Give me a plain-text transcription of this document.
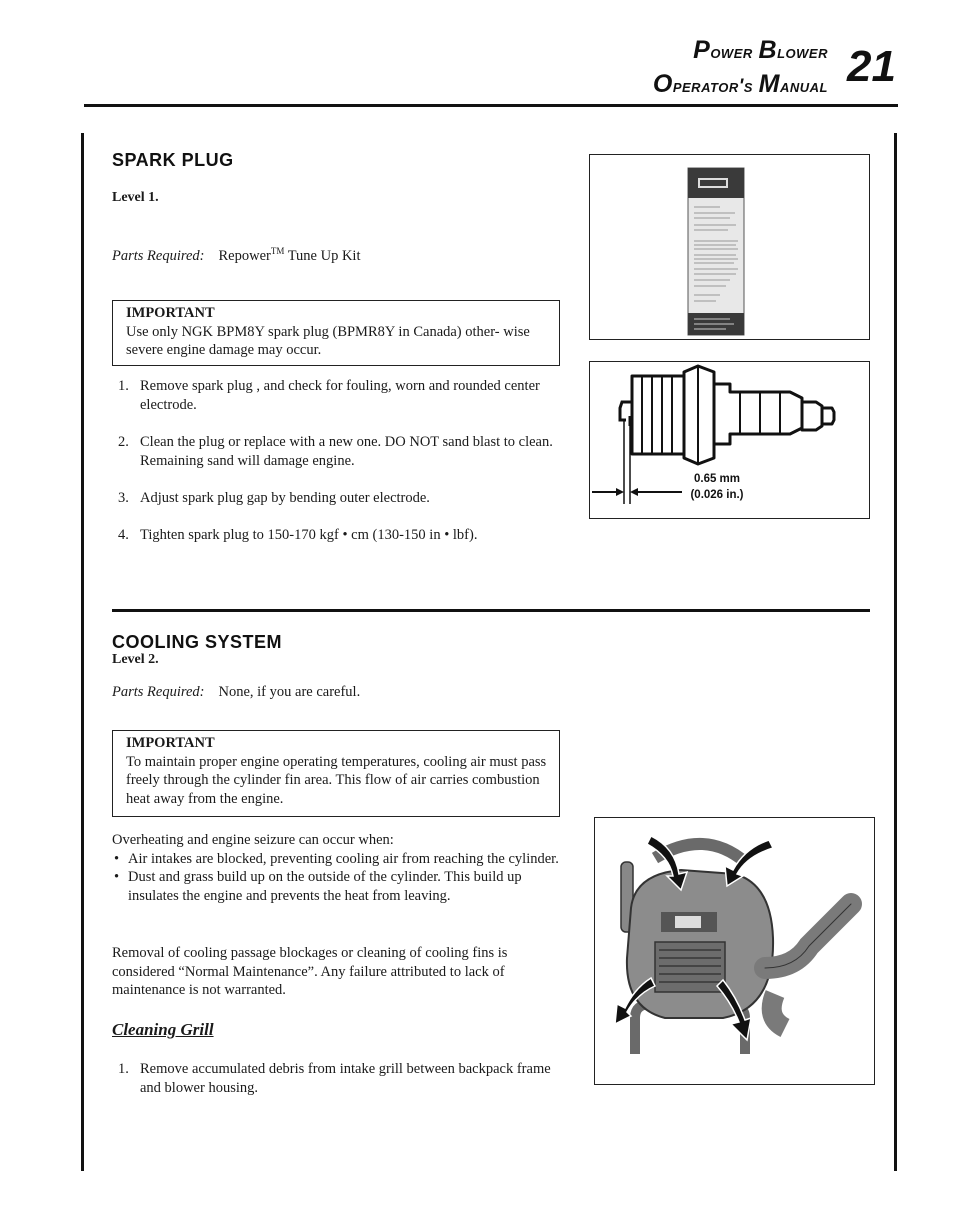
Power Blower
Operator's Manual 21
SPARK PLUG
Level 1.
Parts Required: Repower™ Tune Up Kit
IMPORTANT
Use only NGK BPM8Y spark plug (BPMR8Y in Canada) other- wise severe engine damage may occur.
1. Remove spark plug , and check for fouling, worn and rounded center electrode.
2. Clean the plug or replace with a new one. DO NOT sand blast to clean. Remaining sand will damage engine.
3. Adjust spark plug gap by bending outer electrode.
4. Tighten spark plug to 150-170 kgf • cm (130-150 in • lbf).
0.65 mm
(0.026 in.)
COOLING SYSTEM
Level 2.
Parts Required: None, if you are careful.
IMPORTANT
To maintain proper engine operating temperatures, cooling air must pass freely through the cylinder fin area. This flow of air carries combustion heat away from the engine.
Overheating and engine seizure can occur when:
• Air intakes are blocked, preventing cooling air from reaching the cylinder.
• Dust and grass build up on the outside of the cylinder. This build up insulates the engine and prevents the heat from leaving.
Removal of cooling passage blockages or cleaning of cooling fins is considered “Normal Maintenance”. Any failure attributed to lack of maintenance is not warranted.
Cleaning Grill
1. Remove accumulated debris from intake grill between backpack frame and blower housing.
